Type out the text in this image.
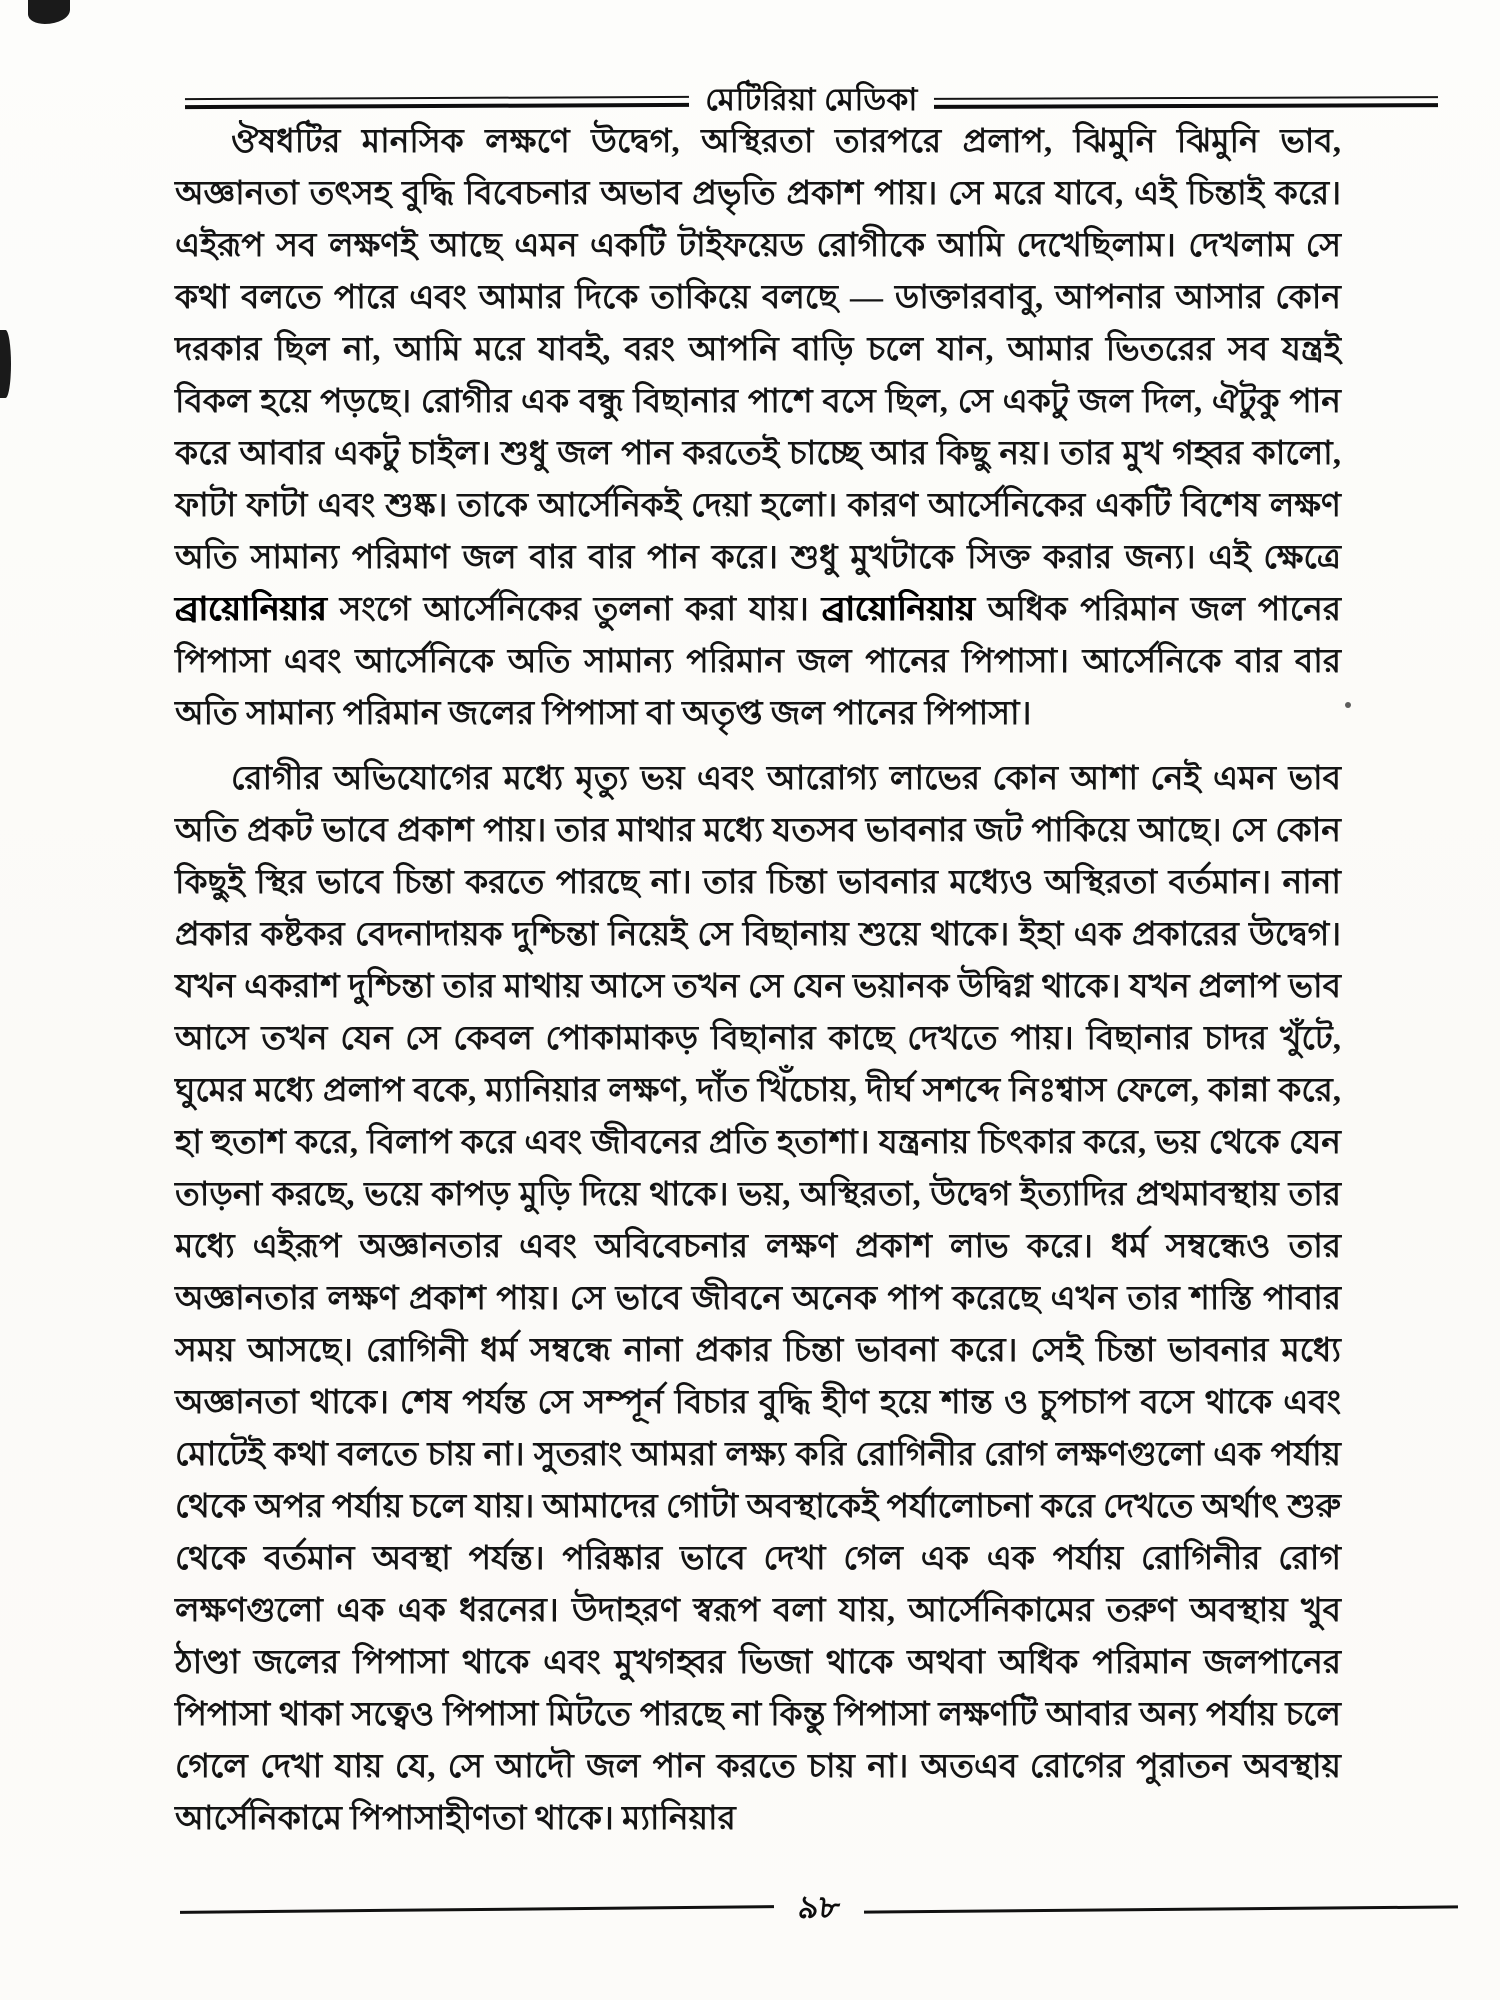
মেটিরিয়া মেডিকা

ঔষধটির মানসিক লক্ষণে উদ্বেগ, অস্থিরতা তারপরে প্রলাপ, ঝিমুনি ঝিমুনি ভাব, অজ্ঞানতা তৎসহ বুদ্ধি বিবেচনার অভাব প্রভৃতি প্রকাশ পায়। সে মরে যাবে, এই চিন্তাই করে। এইরূপ সব লক্ষণই আছে এমন একটি টাইফয়েড রোগীকে আমি দেখেছিলাম। দেখলাম সে কথা বলতে পারে এবং আমার দিকে তাকিয়ে বলছে — ডাক্তারবাবু, আপনার আসার কোন দরকার ছিল না, আমি মরে যাবই, বরং আপনি বাড়ি চলে যান, আমার ভিতরের সব যন্ত্রই বিকল হয়ে পড়ছে। রোগীর এক বন্ধু বিছানার পাশে বসে ছিল, সে একটু জল দিল, ঐটুকু পান করে আবার একটু চাইল। শুধু জল পান করতেই চাচ্ছে আর কিছু নয়। তার মুখ গহ্বর কালো, ফাটা ফাটা এবং শুষ্ক। তাকে আর্সেনিকই দেয়া হলো। কারণ আর্সেনিকের একটি বিশেষ লক্ষণ অতি সামান্য পরিমাণ জল বার বার পান করে। শুধু মুখটাকে সিক্ত করার জন্য। এই ক্ষেত্রে ব্রায়োনিয়ার সংগে আর্সেনিকের তুলনা করা যায়। ব্রায়োনিয়ায় অধিক পরিমান জল পানের পিপাসা এবং আর্সেনিকে অতি সামান্য পরিমান জল পানের পিপাসা। আর্সেনিকে বার বার অতি সামান্য পরিমান জলের পিপাসা বা অতৃপ্ত জল পানের পিপাসা।

রোগীর অভিযোগের মধ্যে মৃত্যু ভয় এবং আরোগ্য লাভের কোন আশা নেই এমন ভাব অতি প্রকট ভাবে প্রকাশ পায়। তার মাথার মধ্যে যতসব ভাবনার জট পাকিয়ে আছে। সে কোন কিছুই স্থির ভাবে চিন্তা করতে পারছে না। তার চিন্তা ভাবনার মধ্যেও অস্থিরতা বর্তমান। নানা প্রকার কষ্টকর বেদনাদায়ক দুশ্চিন্তা নিয়েই সে বিছানায় শুয়ে থাকে। ইহা এক প্রকারের উদ্বেগ। যখন একরাশ দুশ্চিন্তা তার মাথায় আসে তখন সে যেন ভয়ানক উদ্বিগ্ন থাকে। যখন প্রলাপ ভাব আসে তখন যেন সে কেবল পোকামাকড় বিছানার কাছে দেখতে পায়। বিছানার চাদর খুঁটে, ঘুমের মধ্যে প্রলাপ বকে, ম্যানিয়ার লক্ষণ, দাঁত খিঁচোয়, দীর্ঘ সশব্দে নিঃশ্বাস ফেলে, কান্না করে, হা হুতাশ করে, বিলাপ করে এবং জীবনের প্রতি হতাশা। যন্ত্রনায় চিৎকার করে, ভয় থেকে যেন তাড়না করছে, ভয়ে কাপড় মুড়ি দিয়ে থাকে। ভয়, অস্থিরতা, উদ্বেগ ইত্যাদির প্রথমাবস্থায় তার মধ্যে এইরূপ অজ্ঞানতার এবং অবিবেচনার লক্ষণ প্রকাশ লাভ করে। ধর্ম সম্বন্ধেও তার অজ্ঞানতার লক্ষণ প্রকাশ পায়। সে ভাবে জীবনে অনেক পাপ করেছে এখন তার শাস্তি পাবার সময় আসছে। রোগিনী ধর্ম সম্বন্ধে নানা প্রকার চিন্তা ভাবনা করে। সেই চিন্তা ভাবনার মধ্যে অজ্ঞানতা থাকে। শেষ পর্যন্ত সে সম্পূর্ন বিচার বুদ্ধি হীণ হয়ে শান্ত ও চুপচাপ বসে থাকে এবং মোটেই কথা বলতে চায় না। সুতরাং আমরা লক্ষ্য করি রোগিনীর রোগ লক্ষণগুলো এক পর্যায় থেকে অপর পর্যায় চলে যায়। আমাদের গোটা অবস্থাকেই পর্যালোচনা করে দেখতে অর্থাৎ শুরু থেকে বর্তমান অবস্থা পর্যন্ত। পরিষ্কার ভাবে দেখা গেল এক এক পর্যায় রোগিনীর রোগ লক্ষণগুলো এক এক ধরনের। উদাহরণ স্বরূপ বলা যায়, আর্সেনিকামের তরুণ অবস্থায় খুব ঠাণ্ডা জলের পিপাসা থাকে এবং মুখগহ্বর ভিজা থাকে অথবা অধিক পরিমান জলপানের পিপাসা থাকা সত্বেও পিপাসা মিটতে পারছে না কিন্তু পিপাসা লক্ষণটি আবার অন্য পর্যায় চলে গেলে দেখা যায় যে, সে আদৌ জল পান করতে চায় না। অতএব রোগের পুরাতন অবস্থায় আর্সেনিকামে পিপাসাহীণতা থাকে। ম্যানিয়ার

৯৮
